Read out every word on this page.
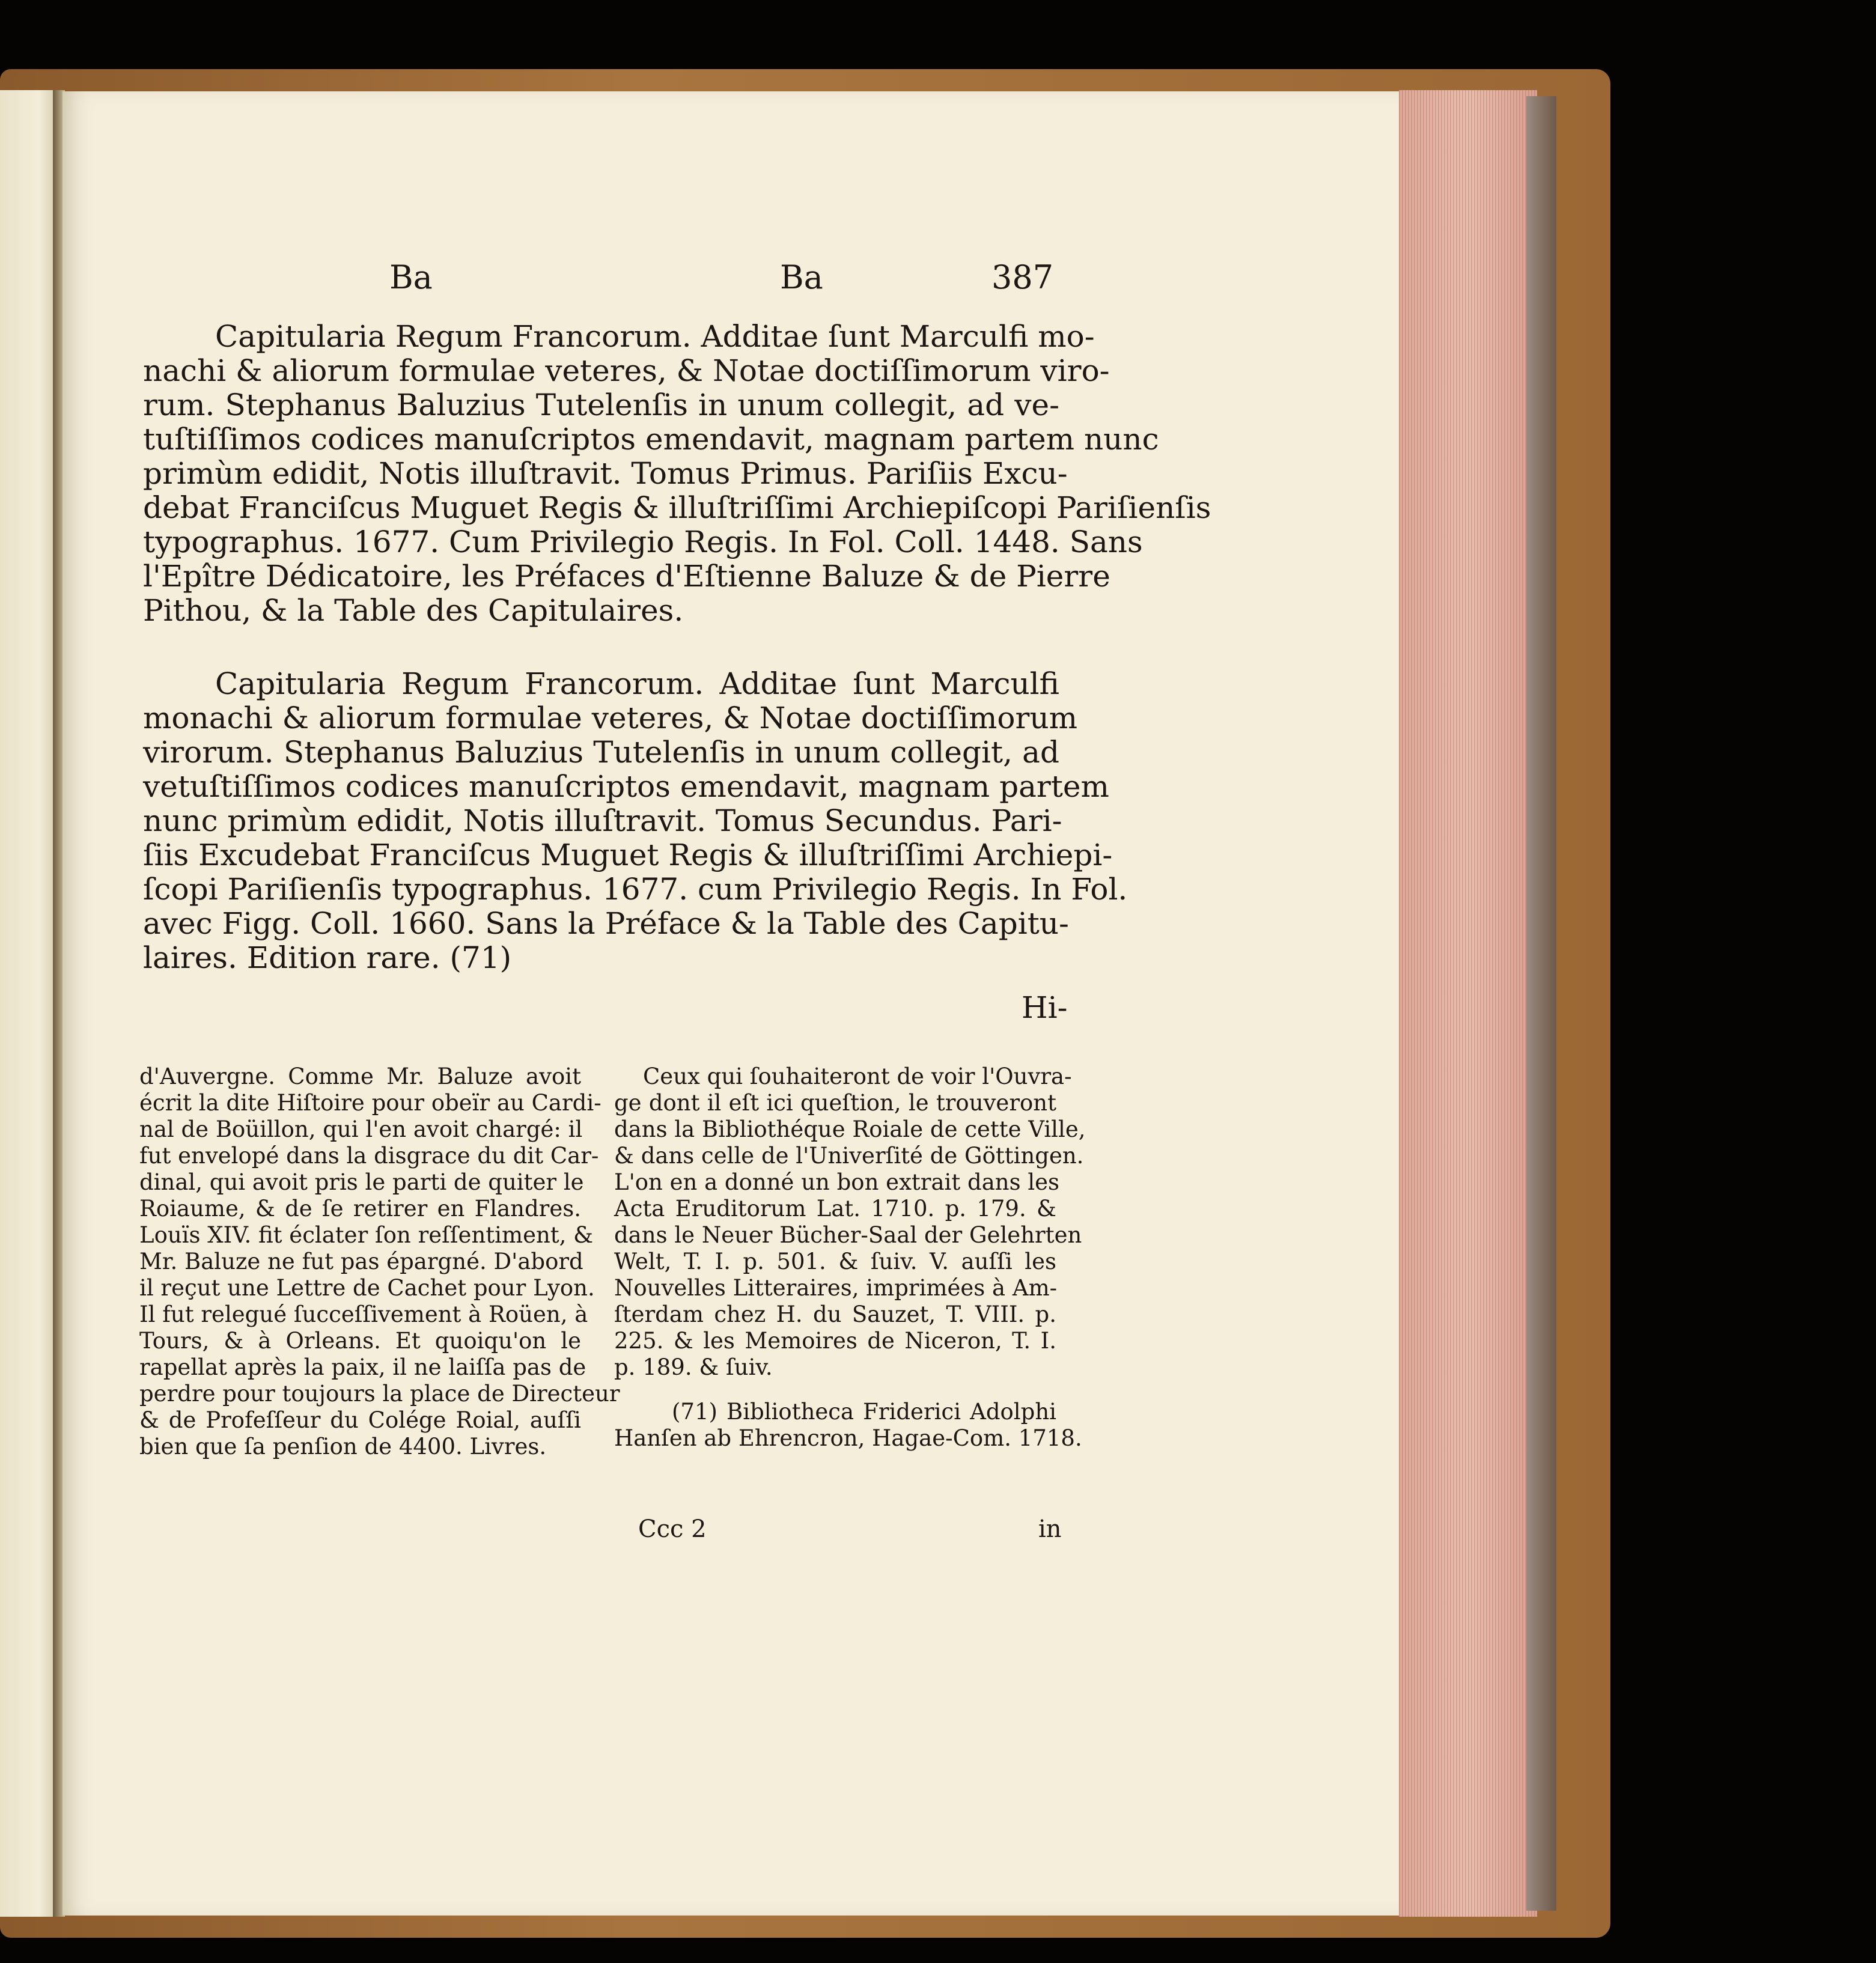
Ba	Ba	387
Capitularia Regum Francorum. Additae ſunt Marculfi mo-
nachi & aliorum formulae veteres, & Notae doctiſſimorum viro-
rum. Stephanus Baluzius Tutelenſis in unum collegit, ad ve-
tuſtiſſimos codices manuſcriptos emendavit, magnam partem nunc
primùm edidit, Notis illuſtravit. Tomus Primus. Pariſiis Excu-
debat Franciſcus Muguet Regis & illuſtriſſimi Archiepiſcopi Pariſienſis
typographus. 1677. Cum Privilegio Regis. In Fol. Coll. 1448. Sans
l'Epître Dédicatoire, les Préfaces d'Eſtienne Baluze & de Pierre
Pithou, & la Table des Capitulaires.
Capitularia Regum Francorum. Additae ſunt Marculfi
monachi & aliorum formulae veteres, & Notae doctiſſimorum
virorum. Stephanus Baluzius Tutelenſis in unum collegit, ad
vetuſtiſſimos codices manuſcriptos emendavit, magnam partem
nunc primùm edidit, Notis illuſtravit. Tomus Secundus. Pari-
ſiis Excudebat Franciſcus Muguet Regis & illuſtriſſimi Archiepi-
ſcopi Pariſienſis typographus. 1677. cum Privilegio Regis. In Fol.
avec Figg. Coll. 1660. Sans la Préface & la Table des Capitu-
laires. Edition rare. (71)
Hi-
d'Auvergne. Comme Mr. Baluze avoit
écrit la dite Hiſtoire pour obeïr au Cardi-
nal de Boüillon, qui l'en avoit chargé: il
fut envelopé dans la disgrace du dit Car-
dinal, qui avoit pris le parti de quiter le
Roiaume, & de ſe retirer en Flandres.
Louïs XIV. fit éclater ſon reſſentiment, &
Mr. Baluze ne fut pas épargné. D'abord
il reçut une Lettre de Cachet pour Lyon.
Il fut relegué ſucceſſivement à Roüen, à
Tours, & à Orleans. Et quoiqu'on le
rapellat après la paix, il ne laiſſa pas de
perdre pour toujours la place de Directeur
& de Profeſſeur du Colége Roial, auſſi
bien que ſa penſion de 4400. Livres.
Ceux qui ſouhaiteront de voir l'Ouvra-
ge dont il eſt ici queſtion, le trouveront
dans la Bibliothéque Roiale de cette Ville,
& dans celle de l'Univerſité de Göttingen.
L'on en a donné un bon extrait dans les
Acta Eruditorum Lat. 1710. p. 179. &
dans le Neuer Bücher-Saal der Gelehrten
Welt, T. I. p. 501. & ſuiv. V. auſſi les
Nouvelles Litteraires, imprimées à Am-
ſterdam chez H. du Sauzet, T. VIII. p.
225. & les Memoires de Niceron, T. I.
p. 189. & ſuiv.
(71) Bibliotheca Friderici Adolphi
Hanſen ab Ehrencron, Hagae-Com. 1718.
Ccc 2	in
